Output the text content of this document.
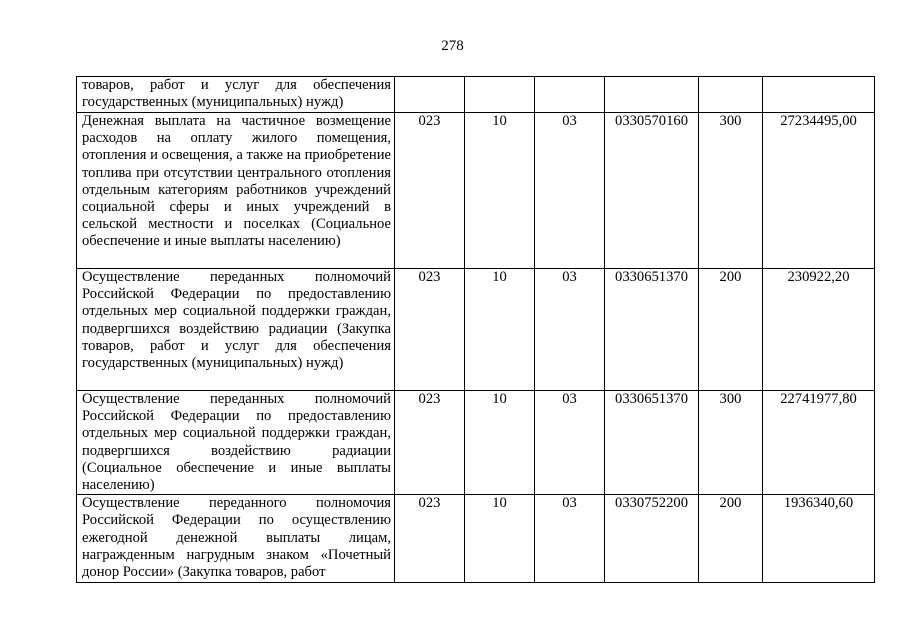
278
товаров, работ и услуг для обеспечения государственных (муниципальных) нужд)						
Денежная выплата на частичное возмещение расходов на оплату жилого помещения, отопления и освещения, а также на приобретение топлива при отсутствии центрального отопления отдельным категориям работников учреждений социальной сферы и иных учреждений в сельской местности и поселках (Социальное обеспечение и иные выплаты населению)	023	10	03	0330570160	300	27234495,00
Осуществление переданных полномочий Российской Федерации по предоставлению отдельных мер социальной поддержки граждан, подвергшихся воздействию радиации (Закупка товаров, работ и услуг для обеспечения государственных (муниципальных) нужд)	023	10	03	0330651370	200	230922,20
Осуществление переданных полномочий Российской Федерации по предоставлению отдельных мер социальной поддержки граждан, подвергшихся воздействию радиации (Социальное обеспечение и иные выплаты населению)	023	10	03	0330651370	300	22741977,80
Осуществление переданного полномочия Российской Федерации по осуществлению ежегодной денежной выплаты лицам, награжденным нагрудным знаком «Почетный донор России» (Закупка товаров, работ	023	10	03	0330752200	200	1936340,60
